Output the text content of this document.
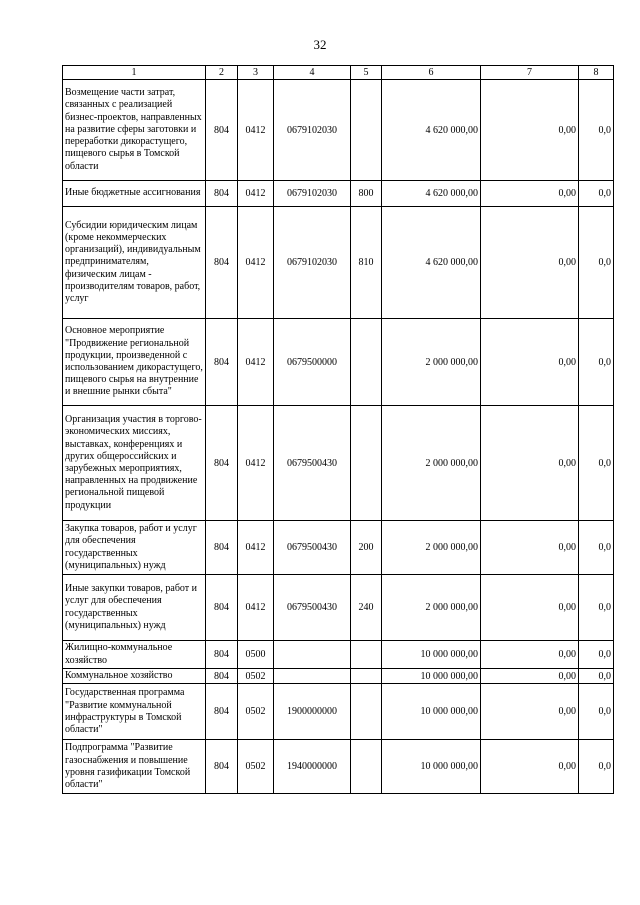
32
1	2	3	4	5	6	7	8
Возмещение части затрат, связанных с реализацией бизнес-проектов, направленных на развитие сферы заготовки и переработки дикорастущего, пищевого сырья в Томской области	804	0412	0679102030		4 620 000,00	0,00	0,0
Иные бюджетные ассигнования	804	0412	0679102030	800	4 620 000,00	0,00	0,0
Субсидии юридическим лицам (кроме некоммерческих организаций), индивидуальным предпринимателям, физическим лицам - производителям товаров, работ, услуг	804	0412	0679102030	810	4 620 000,00	0,00	0,0
Основное мероприятие "Продвижение региональной продукции, произведенной с использованием дикорастущего, пищевого сырья на внутренние и внешние рынки сбыта"	804	0412	0679500000		2 000 000,00	0,00	0,0
Организация участия в торгово-экономических миссиях, выставках, конференциях и других общероссийских и зарубежных мероприятиях, направленных на продвижение региональной пищевой продукции	804	0412	0679500430		2 000 000,00	0,00	0,0
Закупка товаров, работ и услуг для обеспечения государственных (муниципальных) нужд	804	0412	0679500430	200	2 000 000,00	0,00	0,0
Иные закупки товаров, работ и услуг для обеспечения государственных (муниципальных) нужд	804	0412	0679500430	240	2 000 000,00	0,00	0,0
Жилищно-коммунальное хозяйство	804	0500			10 000 000,00	0,00	0,0
Коммунальное хозяйство	804	0502			10 000 000,00	0,00	0,0
Государственная программа "Развитие коммунальной инфраструктуры в Томской области"	804	0502	1900000000		10 000 000,00	0,00	0,0
Подпрограмма "Развитие газоснабжения и повышение уровня газификации Томской области"	804	0502	1940000000		10 000 000,00	0,00	0,0
